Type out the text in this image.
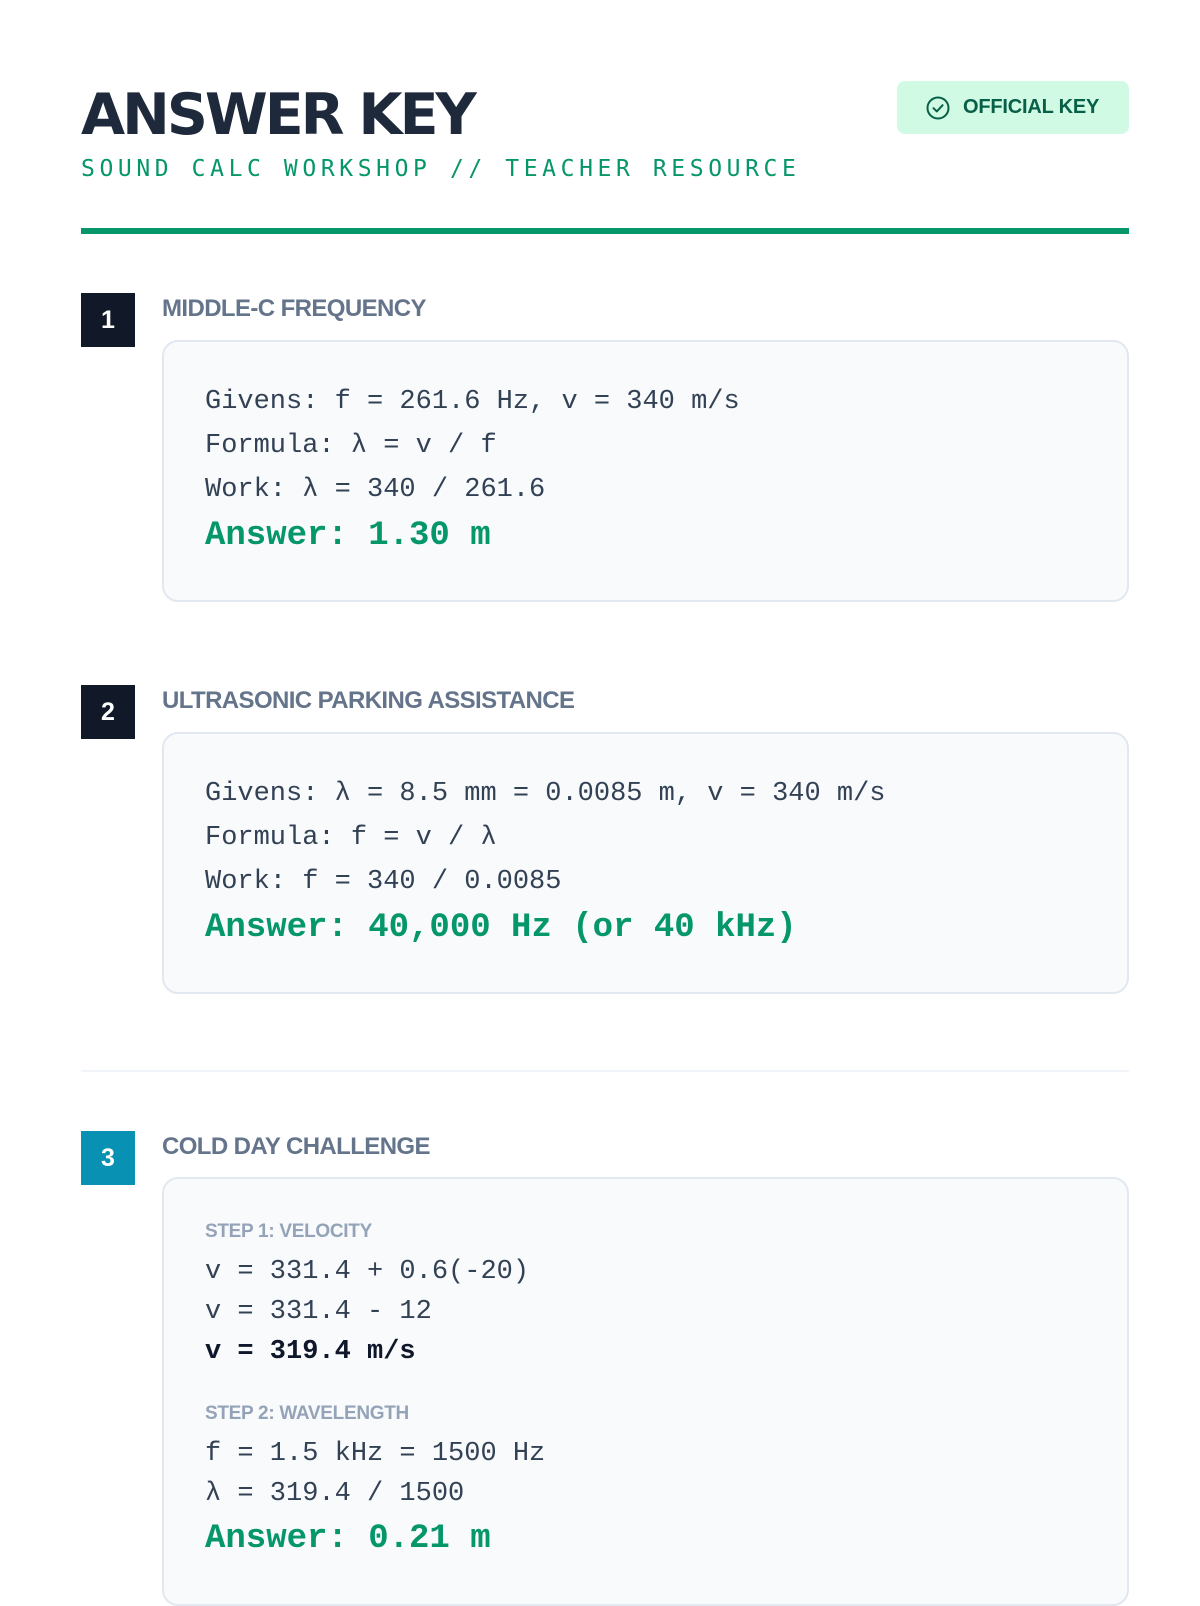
ANSWER KEY
SOUND CALC WORKSHOP // TEACHER RESOURCE
OFFICIAL KEY
1	MIDDLE-C FREQUENCY
Givens: f = 261.6 Hz, v = 340 m/s
Formula: λ = v / f
Work: λ = 340 / 261.6
Answer: 1.30 m
2	ULTRASONIC PARKING ASSISTANCE
Givens: λ = 8.5 mm = 0.0085 m, v = 340 m/s
Formula: f = v / λ
Work: f = 340 / 0.0085
Answer: 40,000 Hz (or 40 kHz)
3	COLD DAY CHALLENGE
STEP 1: VELOCITY
v = 331.4 + 0.6(-20)
v = 331.4 - 12
v = 319.4 m/s
STEP 2: WAVELENGTH
f = 1.5 kHz = 1500 Hz
λ = 319.4 / 1500
Answer: 0.21 m
